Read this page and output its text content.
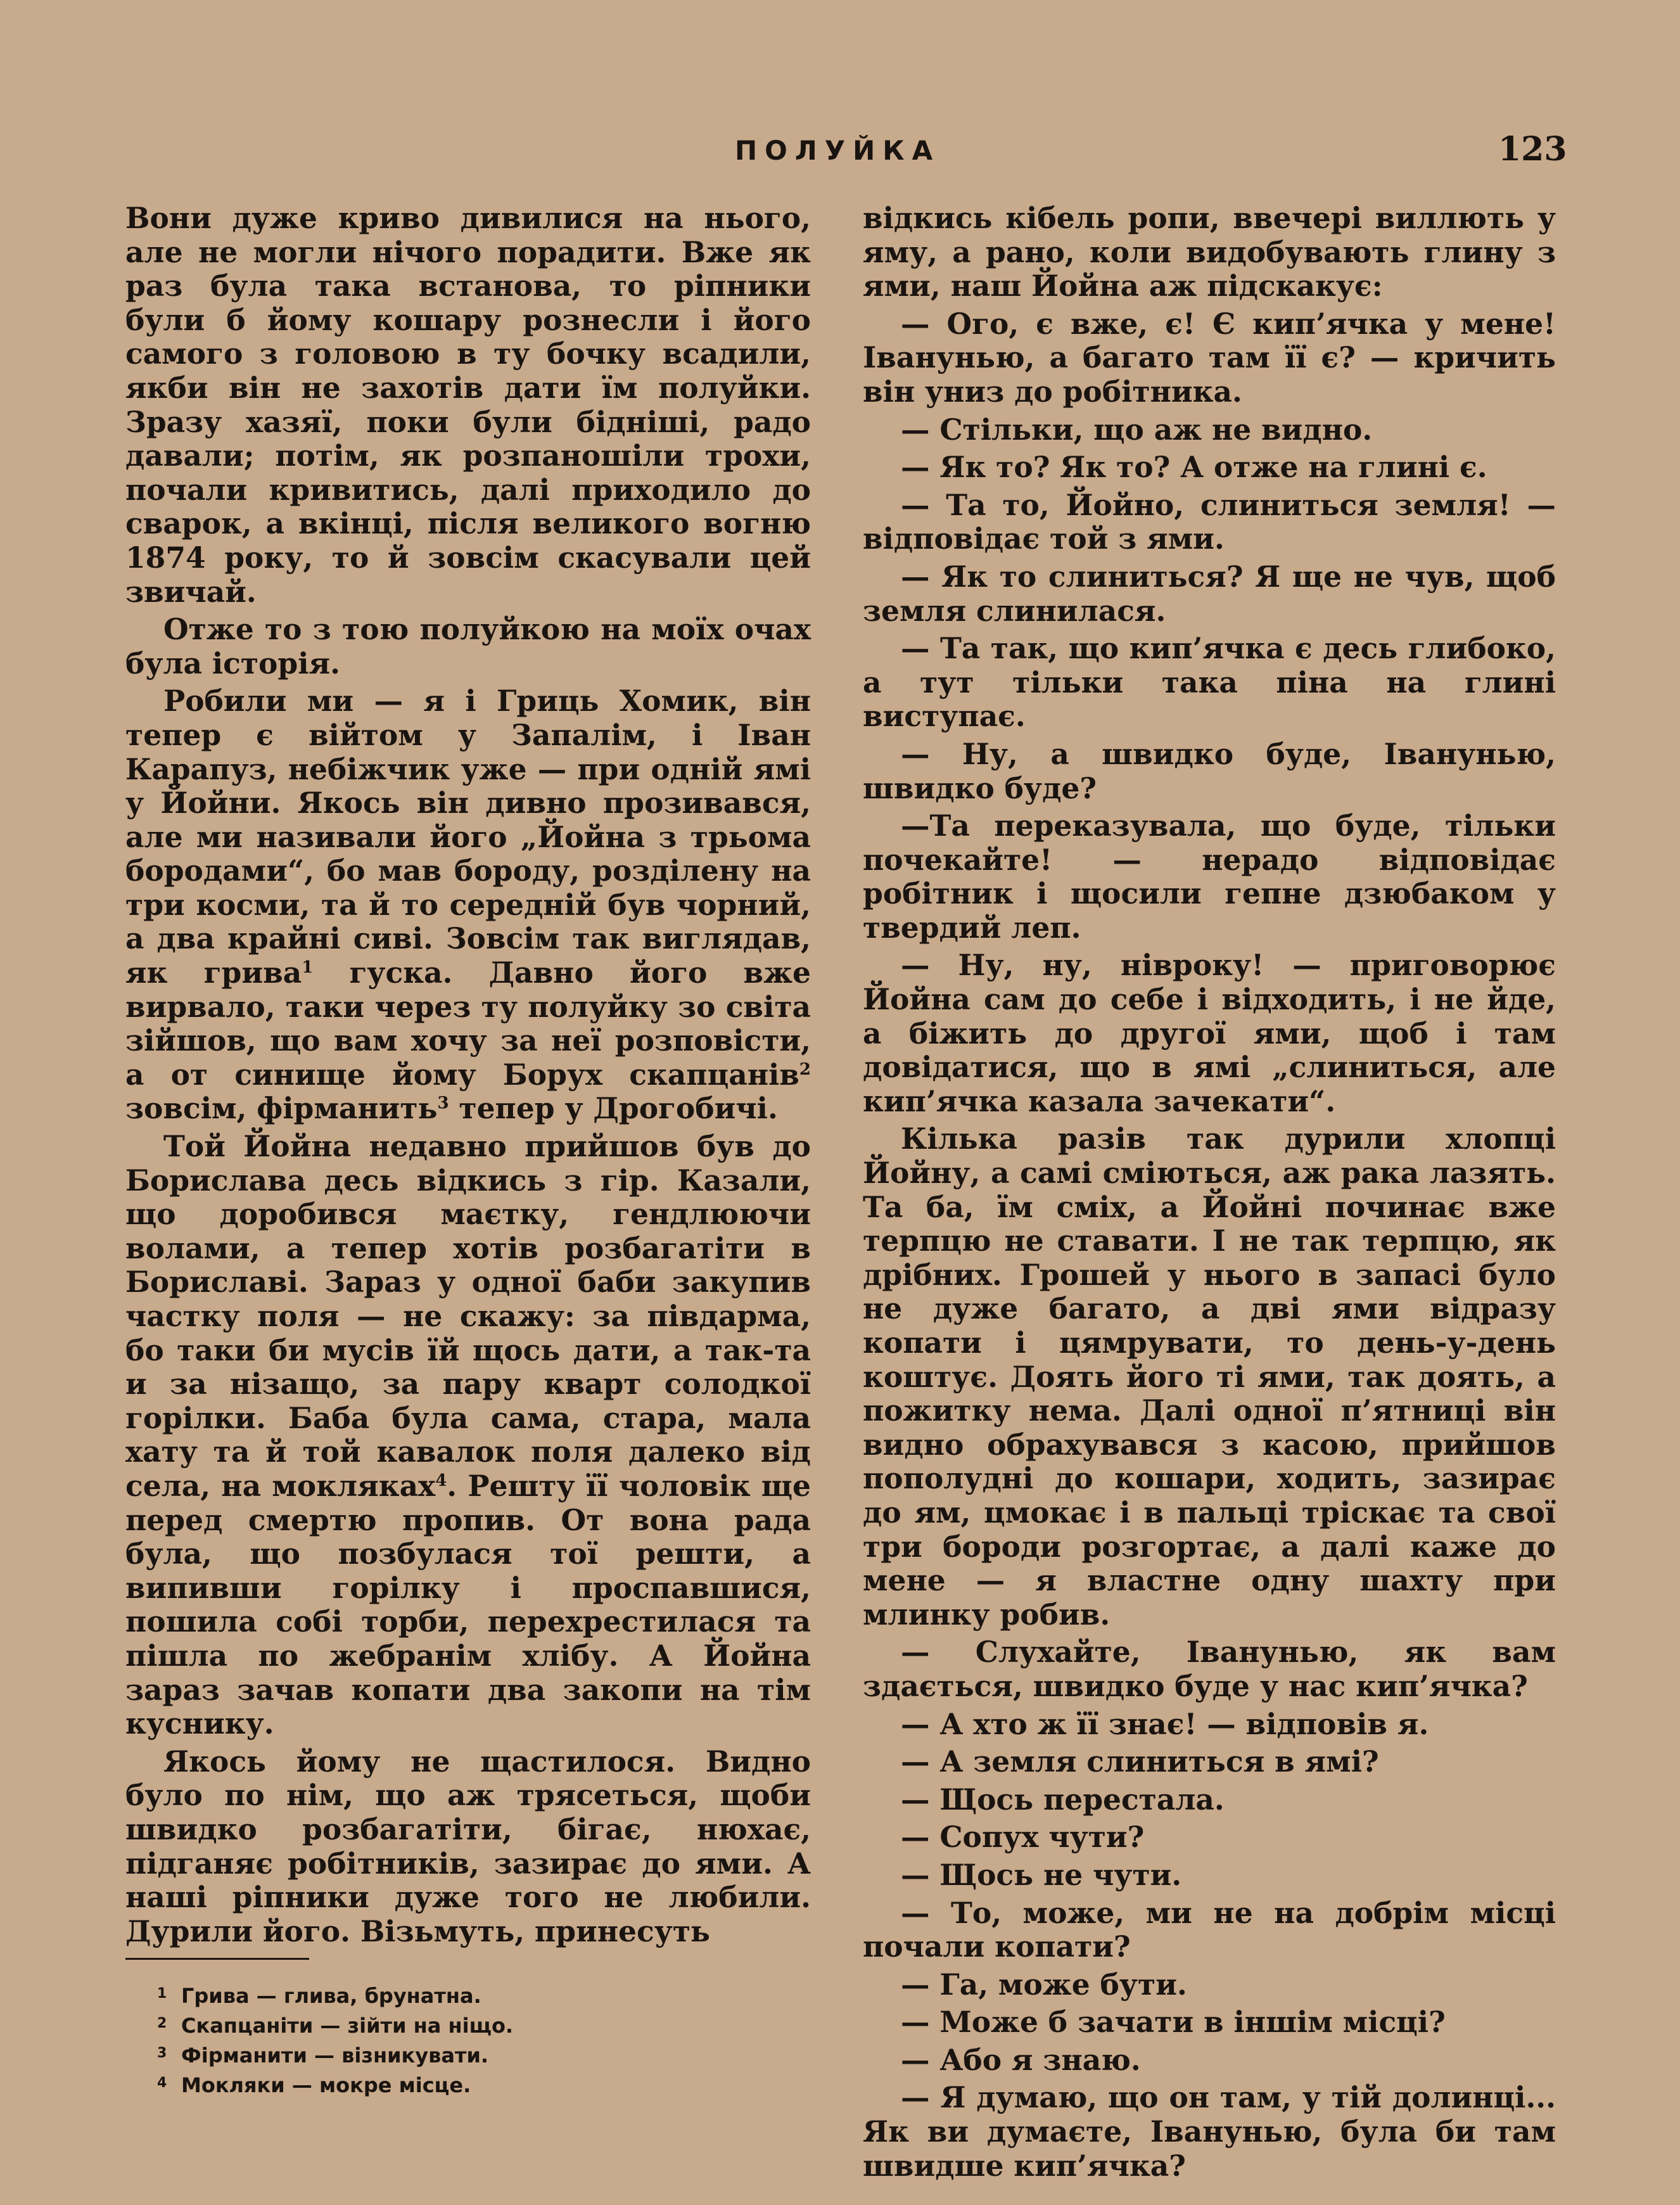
ПОЛУЙКА	123

Вони дуже криво дивилися на нього, але не могли нічого порадити. Вже як раз була така встанова, то ріпники були б йому кошару рознесли і його самого з головою в ту бочку всадили, якби він не захотів дати їм полуйки. Зразу хазяї, поки були бідніші, радо давали; потім, як розпаношіли трохи, почали кривитись, далі приходило до сварок, а вкінці, після великого вогню 1874 року, то й зовсім скасували цей звичай.

Отже то з тою полуйкою на моїх очах була історія.

Робили ми — я і Гриць Хомик, він тепер є війтом у Запалім, і Іван Карапуз, небіжчик уже — при одній ямі у Йойни. Якось він дивно прозивався, але ми називали його „Йойна з трьома бородами“, бо мав бороду, розділену на три косми, та й то середній був чорний, а два крайні сиві. Зовсім так виглядав, як грива$^1$ гуска. Давно його вже вирвало, таки через ту полуйку зо світа зійшов, що вам хочу за неї розповісти, а от синище йому Борух скапцанів$^2$ зовсім, фірманить$^3$ тепер у Дрогобичі.

Той Йойна недавно прийшов був до Борислава десь відкись з гір. Казали, що доробився маєтку, гендлюючи волами, а тепер хотів розбагатіти в Бориславі. Зараз у одної баби закупив частку поля — не скажу: за півдарма, бо таки би мусів їй щось дати, а так-та и за нізащо, за пару кварт солодкої горілки. Баба була сама, стара, мала хату та й той кавалок поля далеко від села, на мокляках$^4$. Решту її чоловік ще перед смертю пропив. От вона рада була, що позбулася тої решти, а випивши горілку і проспавшися, пошила собі торби, перехрестилася та пішла по жебранім хлібу. А Йойна зараз зачав копати два закопи на тім куснику.

Якось йому не щастилося. Видно було по нім, що аж трясеться, щоби швидко розбагатіти, бігає, нюхає, підганяє робітників, зазирає до ями. А наші ріпники дуже того не любили. Дурили його. Візьмуть, принесуть

відкись кібель ропи, ввечері виллють у яму, а рано, коли видобувають глину з ями, наш Йойна аж підскакує:

— Ого, є вже, є! Є кип’ячка у мене! Іванунью, а багато там її є? — кричить він униз до робітника.

— Стільки, що аж не видно.

— Як то? Як то? А отже на глині є.

— Та то, Йойно, слиниться земля! — відповідає той з ями.

— Як то слиниться? Я ще не чув, щоб земля слинилася.

— Та так, що кип’ячка є десь глибоко, а тут тільки така піна на глині виступає.

— Ну, а швидко буде, Іванунью, швидко буде?

—Та переказувала, що буде, тільки почекайте! — нерадо відповідає робітник і щосили гепне дзюбаком у твердий леп.

— Ну, ну, нівроку! — приговорює Йойна сам до себе і відходить, і не йде, а біжить до другої ями, щоб і там довідатися, що в ямі „слиниться, але кип’ячка казала зачекати“.

Кілька разів так дурили хлопці Йойну, а самі сміються, аж рака лазять. Та ба, їм сміх, а Йойні починає вже терпцю не ставати. І не так терпцю, як дрібних. Грошей у нього в запасі було не дуже багато, а дві ями відразу копати і цямрувати, то день-у-день коштує. Доять його ті ями, так доять, а пожитку нема. Далі одної п’ятниці він видно обрахувався з касою, прийшов пополудні до кошари, ходить, зазирає до ям, цмокає і в пальці тріскає та свої три бороди розгортає, а далі каже до мене — я властне одну шахту при млинку робив.

— Слухайте, Іванунью, як вам здається, швидко буде у нас кип’ячка?

— А хто ж її знає! — відповів я.

— А земля слиниться в ямі?

— Щось перестала.

— Сопух чути?

— Щось не чути.

— То, може, ми не на добрім місці почали копати?

— Га, може бути.

— Може б зачати в іншім місці?

— Або я знаю.

— Я думаю, що он там, у тій долинці... Як ви думаєте, Іванунью, була би там швидше кип’ячка?

1 Грива — глива, брунатна.
2 Скапцаніти — зійти на ніщо.
3 Фірманити — візникувати.
4 Мокляки — мокре місце.
